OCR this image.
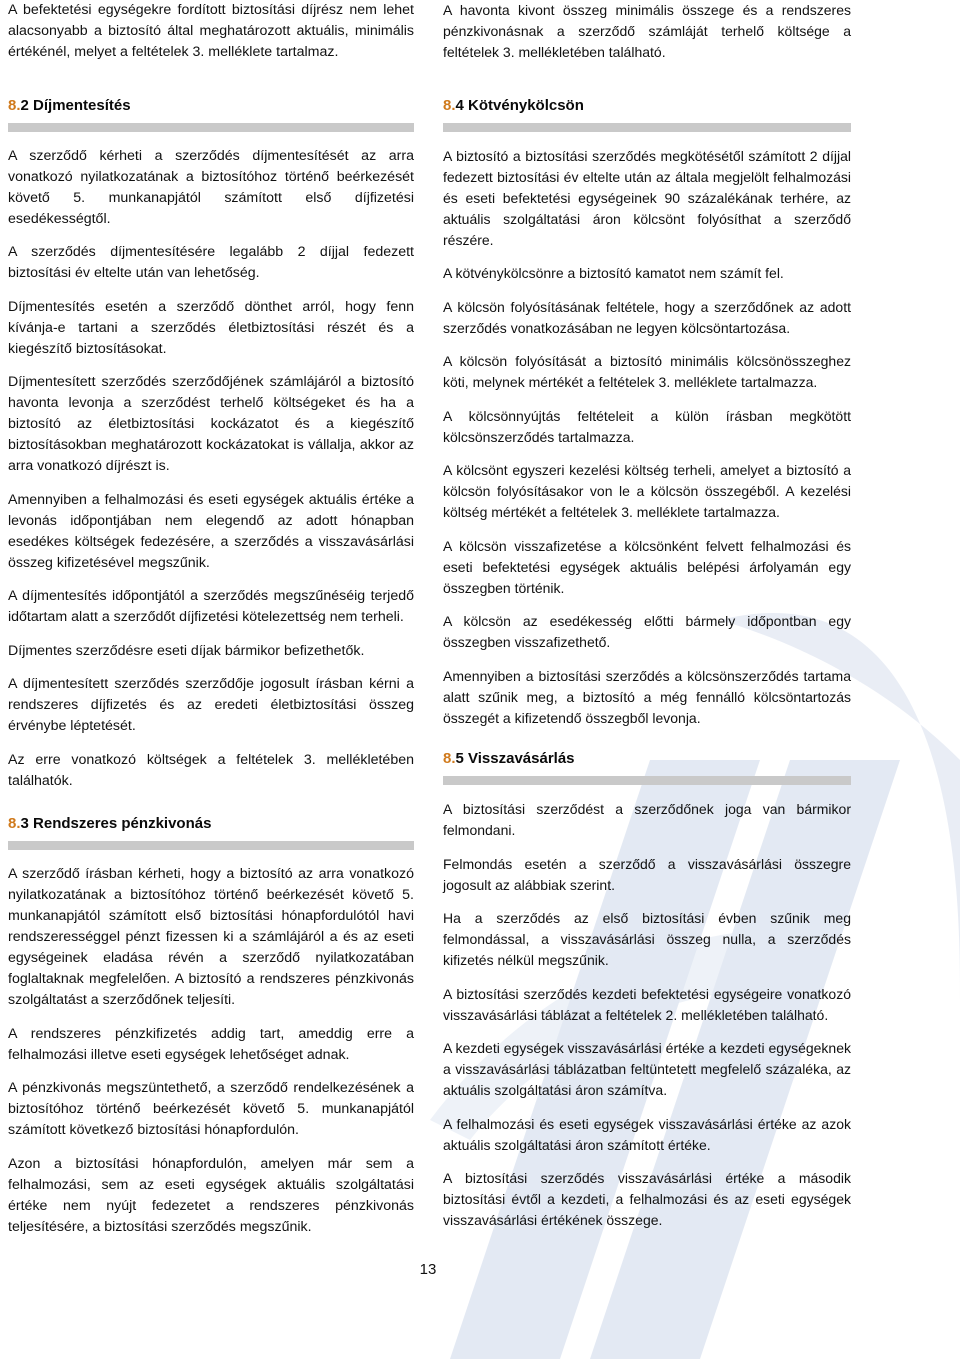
A befektetési egységekre fordított biztosítási díjrész nem lehet alacsonyabb a biztosító által meghatározott aktuális, minimális értékénél, melyet a feltételek 3. melléklete tartalmaz.

8.2 Díjmentesítés

A szerződő kérheti a szerződés díjmentesítését az arra vonatkozó nyilatkozatának a biztosítóhoz történő beérkezését követő 5. munkanapjától számított első díjfizetési esedékességtől.

A szerződés díjmentesítésére legalább 2 díjjal fedezett biztosítási év eltelte után van lehetőség.

Díjmentesítés esetén a szerződő dönthet arról, hogy fenn kívánja-e tartani a szerződés életbiztosítási részét és a kiegészítő biztosításokat.

Díjmentesített szerződés szerződőjének számlájáról a biztosító havonta levonja a szerződést terhelő költségeket és ha a biztosító az életbiztosítási kockázatot és a kiegészítő biztosításokban meghatározott kockázatokat is vállalja, akkor az arra vonatkozó díjrészt is.

Amennyiben a felhalmozási és eseti egységek aktuális értéke a levonás időpontjában nem elegendő az adott hónapban esedékes költségek fedezésére, a szerződés a visszavásárlási összeg kifizetésével megszűnik.

A díjmentesítés időpontjától a szerződés megszűnéséig terjedő időtartam alatt a szerződőt díjfizetési kötelezettség nem terheli.

Díjmentes szerződésre eseti díjak bármikor befizethetők.

A díjmentesített szerződés szerződője jogosult írásban kérni a rendszeres díjfizetés és az eredeti életbiztosítási összeg érvénybe léptetését.

Az erre vonatkozó költségek a feltételek 3. mellékletében találhatók.

8.3 Rendszeres pénzkivonás

A szerződő írásban kérheti, hogy a biztosító az arra vonatkozó nyilatkozatának a biztosítóhoz történő beérkezését követő 5. munkanapjától számított első biztosítási hónapfordulótól havi rendszerességgel pénzt fizessen ki a számlájáról a és az eseti egységeinek eladása révén a szerződő nyilatkozatában foglaltaknak megfelelően. A biztosító a rendszeres pénzkivonás szolgáltatást a szerződőnek teljesíti.

A rendszeres pénzkifizetés addig tart, ameddig erre a felhalmozási illetve eseti egységek lehetőséget adnak.

A pénzkivonás megszüntethető, a szerződő rendelkezésének a biztosítóhoz történő beérkezését követő 5. munkanapjától számított következő biztosítási hónapfordulón.

Azon a biztosítási hónapfordulón, amelyen már sem a felhalmozási, sem az eseti egységek aktuális szolgáltatási értéke nem nyújt fedezetet a rendszeres pénzkivonás teljesítésére, a biztosítási szerződés megszűnik.

A havonta kivont összeg minimális összege és a rendszeres pénzkivonásnak a szerződő számláját terhelő költsége a feltételek 3. mellékletében található.

8.4 Kötvénykölcsön

A biztosító a biztosítási szerződés megkötésétől számított 2 díjjal fedezett biztosítási év eltelte után az általa megjelölt felhalmozási és eseti befektetési egységeinek 90 százalékának terhére, az aktuális szolgáltatási áron kölcsönt folyósíthat a szerződő részére.

A kötvénykölcsönre a biztosító kamatot nem számít fel.

A kölcsön folyósításának feltétele, hogy a szerződőnek az adott szerződés vonatkozásában ne legyen kölcsöntartozása.

A kölcsön folyósítását a biztosító minimális kölcsönösszeghez köti, melynek mértékét a feltételek 3. melléklete tartalmazza.

A kölcsönnyújtás feltételeit a külön írásban megkötött kölcsönszerződés tartalmazza.

A kölcsönt egyszeri kezelési költség terheli, amelyet a biztosító a kölcsön folyósításakor von le a kölcsön összegéből. A kezelési költség mértékét a feltételek 3. melléklete tartalmazza.

A kölcsön visszafizetése a kölcsönként felvett felhalmozási és eseti befektetési egységek aktuális belépési árfolyamán egy összegben történik.

A kölcsön az esedékesség előtti bármely időpontban egy összegben visszafizethető.

Amennyiben a biztosítási szerződés a kölcsönszerződés tartama alatt szűnik meg, a biztosító a még fennálló kölcsöntartozás összegét a kifizetendő összegből levonja.

8.5 Visszavásárlás

A biztosítási szerződést a szerződőnek joga van bármikor felmondani.

Felmondás esetén a szerződő a visszavásárlási összegre jogosult az alábbiak szerint.

Ha a szerződés az első biztosítási évben szűnik meg felmondással, a visszavásárlási összeg nulla, a szerződés kifizetés nélkül megszűnik.

A biztosítási szerződés kezdeti befektetési egységeire vonatkozó visszavásárlási táblázat a feltételek 2. mellékletében található.

A kezdeti egységek visszavásárlási értéke a kezdeti egységeknek a visszavásárlási táblázatban feltüntetett megfelelő százaléka, az aktuális szolgáltatási áron számítva.

A felhalmozási és eseti egységek visszavásárlási értéke az azok aktuális szolgáltatási áron számított értéke.

A biztosítási szerződés visszavásárlási értéke a második biztosítási évtől a kezdeti, a felhalmozási és az eseti egységek visszavásárlási értékének összege.

13
